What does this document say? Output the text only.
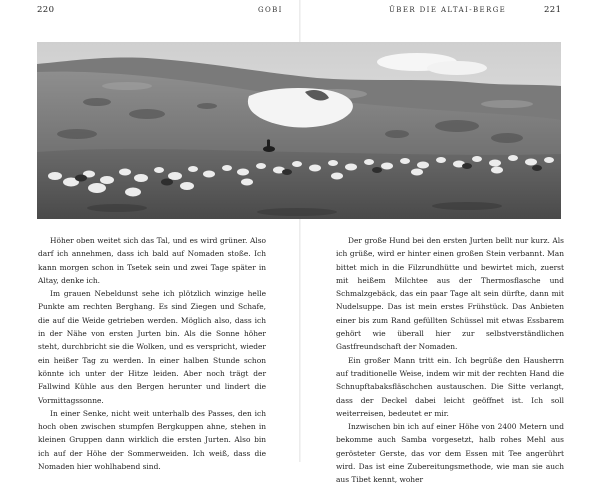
220	GOBI	ÜBER DIE ALTAI-BERGE	221

Höher oben weitet sich das Tal, und es wird grüner. Also darf ich annehmen, dass ich bald auf Nomaden stoße. Ich kann morgen schon in Tsetek sein und zwei Tage später in Altay, denke ich.

Im grauen Nebeldunst sehe ich plötzlich winzige helle Punkte am rechten Berghang. Es sind Ziegen und Schafe, die auf die Weide getrieben werden. Möglich also, dass ich in der Nähe von ersten Jurten bin. Als die Sonne höher steht, durchbricht sie die Wolken, und es verspricht, wieder ein heißer Tag zu werden. In einer halben Stunde schon könnte ich unter der Hitze leiden. Aber noch trägt der Fallwind Kühle aus den Bergen herunter und lindert die Vormittagssonne.

In einer Senke, nicht weit unterhalb des Passes, den ich hoch oben zwischen stumpfen Bergkuppen ahne, stehen in kleinen Gruppen dann wirklich die ersten Jurten. Also bin ich auf der Höhe der Sommerweiden. Ich weiß, dass die Nomaden hier wohlhabend sind.

Der große Hund bei den ersten Jurten bellt nur kurz. Als ich grüße, wird er hinter einen großen Stein verbannt. Man bittet mich in die Filzrundhütte und bewirtet mich, zuerst mit heißem Milchtee aus der Thermosflasche und Schmalzgebäck, das ein paar Tage alt sein dürfte, dann mit Nudelsuppe. Das ist mein erstes Frühstück. Das Anbieten einer bis zum Rand gefüllten Schüssel mit etwas Essbarem gehört wie überall hier zur selbstverständlichen Gastfreundschaft der Nomaden.

Ein großer Mann tritt ein. Ich begrüße den Hausherrn auf traditionelle Weise, indem wir mit der rechten Hand die Schnupftabaksfläschchen austauschen. Die Sitte verlangt, dass der Deckel dabei leicht geöffnet ist. Ich soll weiterreisen, bedeutet er mir.

Inzwischen bin ich auf einer Höhe von 2400 Metern und bekomme auch Samba vorgesetzt, halb rohes Mehl aus gerösteter Gerste, das vor dem Essen mit Tee angerührt wird. Das ist eine Zubereitungsmethode, wie man sie auch aus Tibet kennt, woher
